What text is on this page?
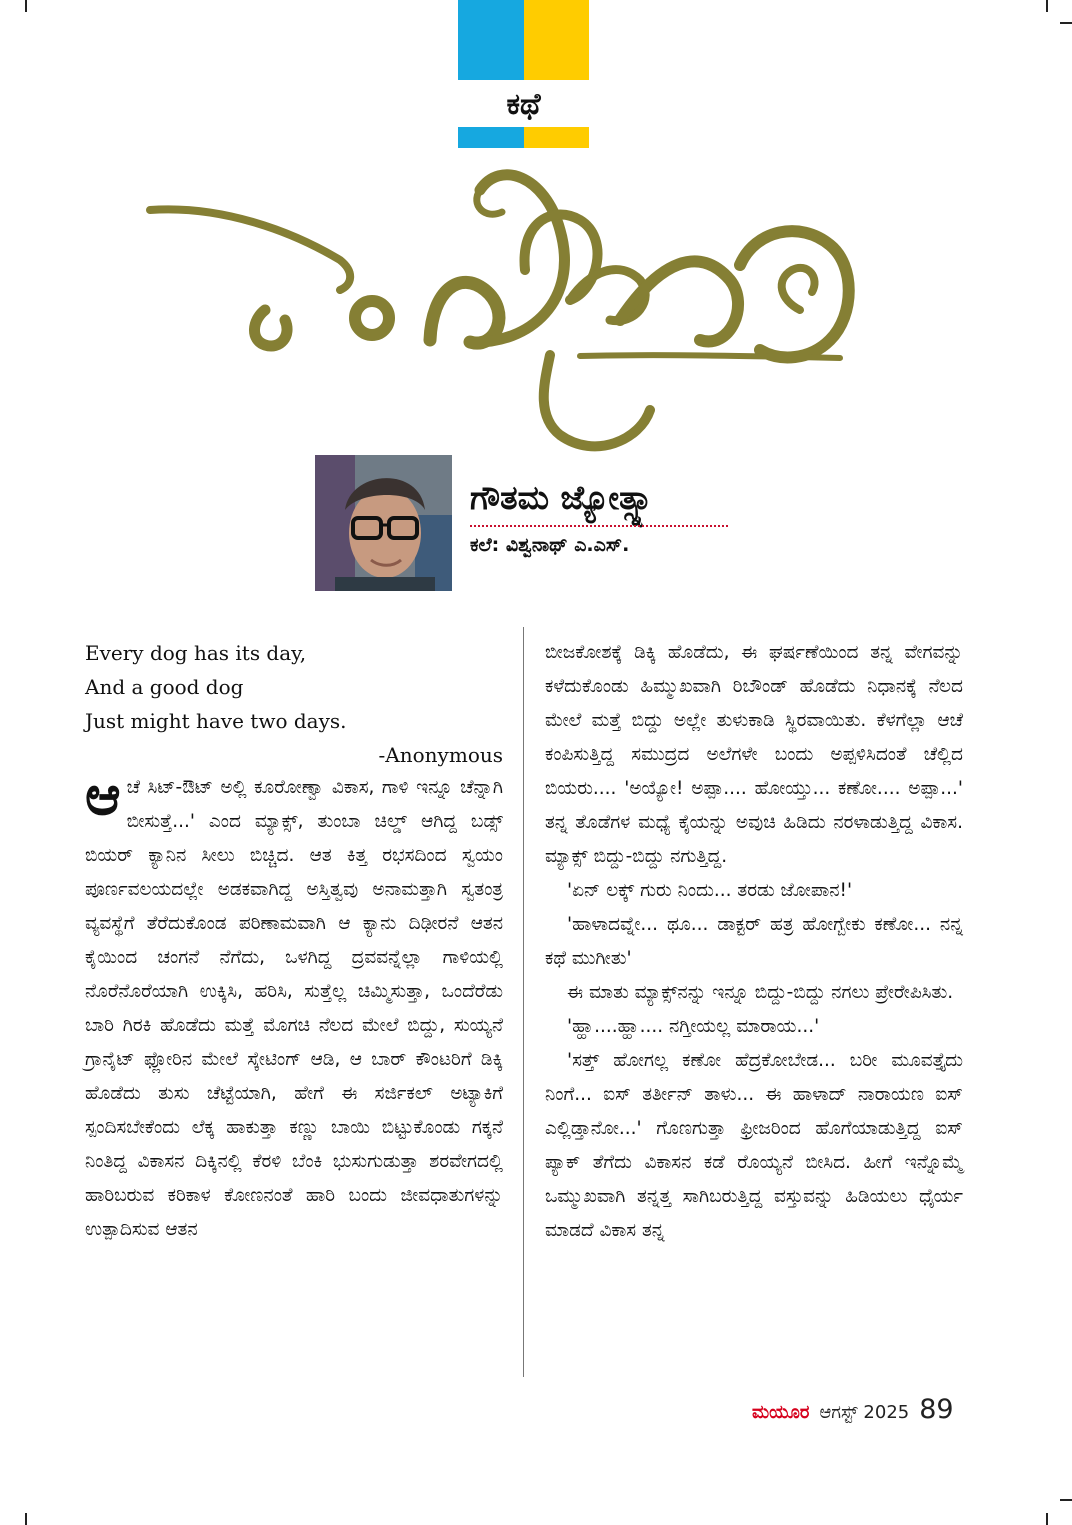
ಕಥೆ
ಗೌತಮ ಜ್ಯೋತ್ಸ್ನಾ
ಕಲೆ: ವಿಶ್ವನಾಥ್ ಎ.ಎಸ್.
Every dog has its day,
And a good dog
Just might have two days.
-Anonymous

ಆಚೆ ಸಿಟ್-ಔಟ್ ಅಲ್ಲಿ ಕೂರೋಣ್ವಾ ವಿಕಾಸ, ಗಾಳಿ ಇನ್ನೂ ಚೆನ್ನಾಗಿ ಬೀಸುತ್ತೆ...' ಎಂದ ಮ್ಯಾಕ್ಸ್, ತುಂಬಾ ಚಿಲ್ಡ್ ಆಗಿದ್ದ ಬಡ್ಸ್ ಬಿಯರ್ ಕ್ಯಾನಿನ ಸೀಲು ಬಿಚ್ಚಿದ. ಆತ ಕಿತ್ತ ರಭಸದಿಂದ ಸ್ವಯಂ ಪೂರ್ಣವಲಯದಲ್ಲೇ ಅಡಕವಾಗಿದ್ದ ಅಸ್ತಿತ್ವವು ಅನಾಮತ್ತಾಗಿ ಸ್ವತಂತ್ರ ವ್ಯವಸ್ಥೆಗೆ ತೆರೆದುಕೊಂಡ ಪರಿಣಾಮವಾಗಿ ಆ ಕ್ಯಾನು ದಿಢೀರನೆ ಆತನ ಕೈಯಿಂದ ಚಂಗನೆ ನೆಗೆದು, ಒಳಗಿದ್ದ ದ್ರವವನ್ನೆಲ್ಲಾ ಗಾಳಿಯಲ್ಲಿ ನೊರೆನೊರೆಯಾಗಿ ಉಕ್ಕಿಸಿ, ಹರಿಸಿ, ಸುತ್ತೆಲ್ಲ ಚಿಮ್ಮಿಸುತ್ತಾ, ಒಂದೆರೆಡು ಬಾರಿ ಗಿರಕಿ ಹೊಡೆದು ಮತ್ತೆ ಮೊಗಚಿ ನೆಲದ ಮೇಲೆ ಬಿದ್ದು, ಸುಯ್ಯನೆ ಗ್ರಾನೈಟ್ ಫ್ಲೋರಿನ ಮೇಲೆ ಸ್ಕೇಟಿಂಗ್ ಆಡಿ, ಆ ಬಾರ್ ಕೌಂಟರಿಗೆ ಡಿಕ್ಕಿ ಹೊಡೆದು ತುಸು ಚೆಟ್ಟೆಯಾಗಿ, ಹೇಗೆ ಈ ಸರ್ಜಿಕಲ್ ಅಟ್ಯಾಕಿಗೆ ಸ್ಪಂದಿಸಬೇಕೆಂದು ಲೆಕ್ಕ ಹಾಕುತ್ತಾ ಕಣ್ಣು ಬಾಯಿ ಬಿಟ್ಟುಕೊಂಡು ಗಕ್ಕನೆ ನಿಂತಿದ್ದ ವಿಕಾಸನ ದಿಕ್ಕಿನಲ್ಲಿ ಕೆರಳಿ ಬೆಂಕಿ ಭುಸುಗುಡುತ್ತಾ ಶರವೇಗದಲ್ಲಿ ಹಾರಿಬರುವ ಕರಿಕಾಳ ಕೋಣನಂತೆ ಹಾರಿ ಬಂದು ಜೀವಧಾತುಗಳನ್ನು ಉತ್ಪಾದಿಸುವ ಆತನ

ಬೀಜಕೋಶಕ್ಕೆ ಡಿಕ್ಕಿ ಹೊಡೆದು, ಈ ಘರ್ಷಣೆಯಿಂದ ತನ್ನ ವೇಗವನ್ನು ಕಳೆದುಕೊಂಡು ಹಿಮ್ಮುಖವಾಗಿ ರಿಬೌಂಡ್ ಹೊಡೆದು ನಿಧಾನಕ್ಕೆ ನೆಲದ ಮೇಲೆ ಮತ್ತೆ ಬಿದ್ದು ಅಲ್ಲೇ ತುಳುಕಾಡಿ ಸ್ಥಿರವಾಯಿತು. ಕೆಳಗೆಲ್ಲಾ ಆಚೆ ಕಂಪಿಸುತ್ತಿದ್ದ ಸಮುದ್ರದ ಅಲೆಗಳೇ ಬಂದು ಅಪ್ಪಳಿಸಿದಂತೆ ಚೆಲ್ಲಿದ ಬಿಯರು.... 'ಅಯ್ಯೋ! ಅಪ್ಪಾ.... ಹೋಯ್ತು... ಕಣೋ.... ಅಪ್ಪಾ...' ತನ್ನ ತೊಡೆಗಳ ಮಧ್ಯೆ ಕೈಯನ್ನು ಅವುಚಿ ಹಿಡಿದು ನರಳಾಡುತ್ತಿದ್ದ ವಿಕಾಸ. ಮ್ಯಾಕ್ಸ್ ಬಿದ್ದು-ಬಿದ್ದು ನಗುತ್ತಿದ್ದ.

'ಏನ್ ಲಕ್ಕ್ ಗುರು ನಿಂದು... ತರಡು ಜೋಪಾನ!'

'ಹಾಳಾದವ್ನೇ... ಥೂ... ಡಾಕ್ಟರ್ ಹತ್ರ ಹೋಗ್ಬೇಕು ಕಣೋ... ನನ್ನ ಕಥೆ ಮುಗೀತು'

ಈ ಮಾತು ಮ್ಯಾಕ್ಸ್‌ನನ್ನು ಇನ್ನೂ ಬಿದ್ದು-ಬಿದ್ದು ನಗಲು ಪ್ರೇರೇಪಿಸಿತು.

'ಹ್ಹಾ....ಹ್ಹಾ.... ನಗ್ತೀಯಲ್ಲ ಮಾರಾಯ...'

'ಸತ್ತ್ ಹೋಗಲ್ಲ ಕಣೋ ಹೆದ್ರಕೋಬೇಡ... ಬರೀ ಮೂವತ್ತೈದು ನಿಂಗೆ... ಐಸ್ ತರ್ತೀನ್ ತಾಳು... ಈ ಹಾಳಾದ್ ನಾರಾಯಣ ಐಸ್ ಎಲ್ಲಿಡ್ತಾನೋ...' ಗೊಣಗುತ್ತಾ ಫ್ರೀಜರಿಂದ ಹೊಗೆಯಾಡುತ್ತಿದ್ದ ಐಸ್ ಪ್ಯಾಕ್ ತೆಗೆದು ವಿಕಾಸನ ಕಡೆ ರೊಯ್ಯನೆ ಬೀಸಿದ. ಹೀಗೆ ಇನ್ನೊಮ್ಮೆ ಒಮ್ಮುಖವಾಗಿ ತನ್ನತ್ತ ಸಾಗಿಬರುತ್ತಿದ್ದ ವಸ್ತುವನ್ನು ಹಿಡಿಯಲು ಧೈರ್ಯ ಮಾಡದೆ ವಿಕಾಸ ತನ್ನ

ಮಯೂರ ಆಗಸ್ಟ್ 2025 89
